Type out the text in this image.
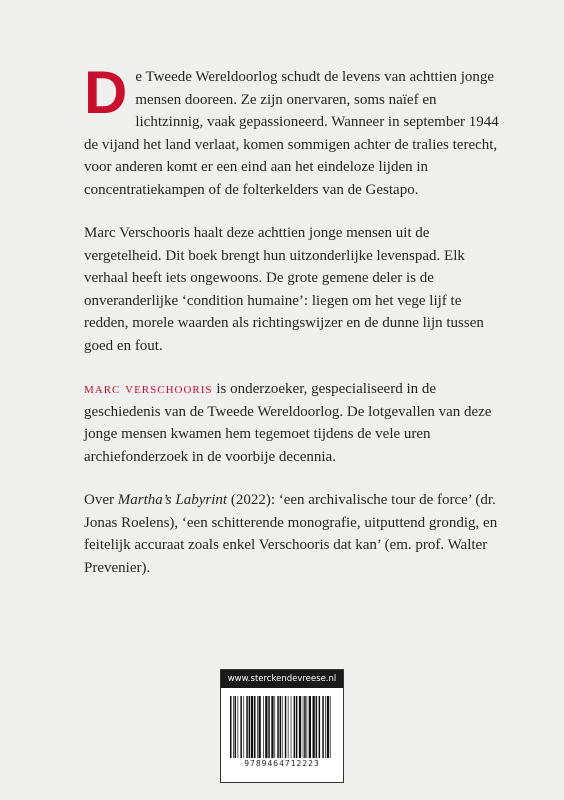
De Tweede Wereldoorlog schudt de levens van achttien jonge mensen dooreen. Ze zijn onervaren, soms naïef en lichtzinnig, vaak gepassioneerd. Wanneer in september 1944 de vijand het land verlaat, komen sommigen achter de tralies terecht, voor anderen komt er een eind aan het eindeloze lijden in concentratiekampen of de folterkelders van de Gestapo.

Marc Verschooris haalt deze achttien jonge mensen uit de vergetelheid. Dit boek brengt hun uitzonderlijke levenspad. Elk verhaal heeft iets ongewoons. De grote gemene deler is de onveranderlijke ‘condition humaine’: liegen om het vege lijf te redden, morele waarden als richtingswijzer en de dunne lijn tussen goed en fout.

marc verschooris is onderzoeker, gespecialiseerd in de geschiedenis van de Tweede Wereldoorlog. De lotgevallen van deze jonge mensen kwamen hem tegemoet tijdens de vele uren archiefonderzoek in de voorbije decennia.

Over Martha’s Labyrint (2022): ‘een archivalische tour de force’ (dr. Jonas Roelens), ‘een schitterende monografie, uitputtend grondig, en feitelijk accuraat zoals enkel Verschooris dat kan’ (em. prof. Walter Prevenier).

www.sterckendevreese.nl
9789464712223
